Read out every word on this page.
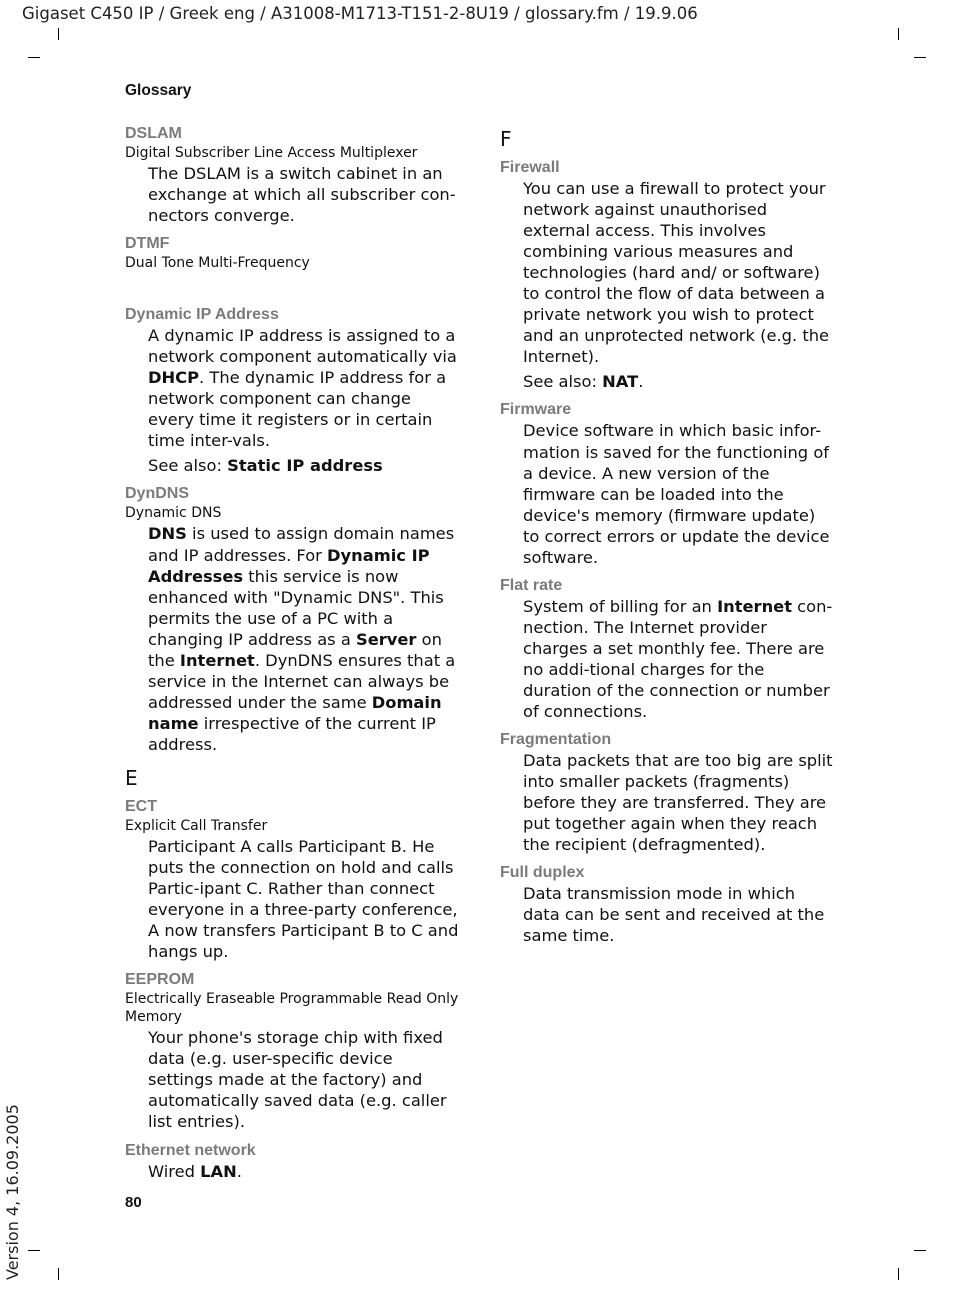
Gigaset C450 IP / Greek eng / A31008-M1713-T151-2-8U19 / glossary.fm / 19.9.06
Glossary

DSLAM

Digital Subscriber Line Access Multiplexer

The DSLAM is a switch cabinet in an exchange at which all subscriber con-nectors converge.

DTMF

Dual Tone Multi-Frequency

Dynamic IP Address

A dynamic IP address is assigned to a network component automatically via DHCP. The dynamic IP address for a network component can change every time it registers or in certain time inter-vals.

See also: Static IP address

DynDNS

Dynamic DNS

DNS is used to assign domain names and IP addresses. For Dynamic IP Addresses this service is now enhanced with "Dynamic DNS". This permits the use of a PC with a changing IP address as a Server on the Internet. DynDNS ensures that a service in the Internet can always be addressed under the same Domain name irrespective of the current IP address.

E

ECT

Explicit Call Transfer

Participant A calls Participant B. He puts the connection on hold and calls Partic-ipant C. Rather than connect everyone in a three-party conference, A now transfers Participant B to C and hangs up.

EEPROM

Electrically Eraseable Programmable Read Only Memory

Your phone's storage chip with fixed data (e.g. user-specific device settings made at the factory) and automatically saved data (e.g. caller list entries).

Ethernet network

Wired LAN.

F

Firewall

You can use a firewall to protect your network against unauthorised external access. This involves combining various measures and technologies (hard and/ or software) to control the flow of data between a private network you wish to protect and an unprotected network (e.g. the Internet).

See also: NAT.

Firmware

Device software in which basic infor-mation is saved for the functioning of a device. A new version of the firmware can be loaded into the device's memory (firmware update) to correct errors or update the device software.

Flat rate

System of billing for an Internet con-nection. The Internet provider charges a set monthly fee. There are no addi-tional charges for the duration of the connection or number of connections.

Fragmentation

Data packets that are too big are split into smaller packets (fragments) before they are transferred. They are put together again when they reach the recipient (defragmented).

Full duplex

Data transmission mode in which data can be sent and received at the same time.

80
Version 4, 16.09.2005
